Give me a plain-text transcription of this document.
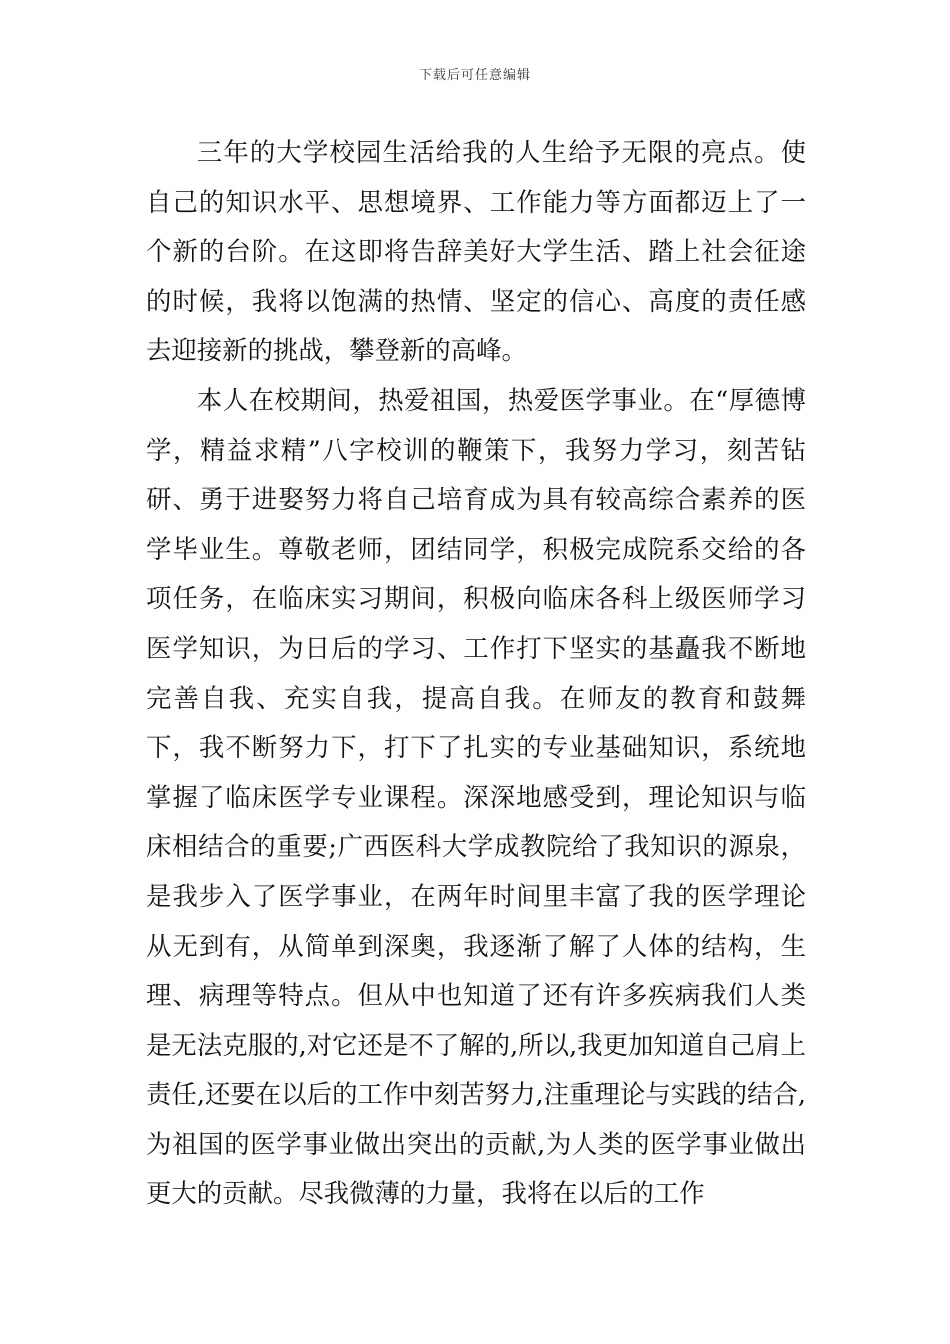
下载后可任意编辑

三年的大学校园生活给我的人生给予无限的亮点。使自己的知识水平、思想境界、工作能力等方面都迈上了一个新的台阶。在这即将告辞美好大学生活、踏上社会征途的时候，我将以饱满的热情、坚定的信心、高度的责任感去迎接新的挑战，攀登新的高峰。

本人在校期间，热爱祖国，热爱医学事业。在“厚德博学，精益求精”八字校训的鞭策下，我努力学习，刻苦钻研、勇于进娶努力将自己培育成为具有较高综合素养的医学毕业生。尊敬老师，团结同学，积极完成院系交给的各项任务，在临床实习期间，积极向临床各科上级医师学习医学知识，为日后的学习、工作打下坚实的基矗我不断地完善自我、充实自我，提高自我。在师友的教育和鼓舞下，我不断努力下，打下了扎实的专业基础知识，系统地掌握了临床医学专业课程。深深地感受到，理论知识与临床相结合的重要;广西医科大学成教院给了我知识的源泉，是我步入了医学事业，在两年时间里丰富了我的医学理论从无到有，从简单到深奥，我逐渐了解了人体的结构，生理、病理等特点。但从中也知道了还有许多疾病我们人类是无法克服的,对它还是不了解的,所以,我更加知道自己肩上责任,还要在以后的工作中刻苦努力,注重理论与实践的结合,为祖国的医学事业做出突出的贡献,为人类的医学事业做出更大的贡献。尽我微薄的力量，我将在以后的工作
